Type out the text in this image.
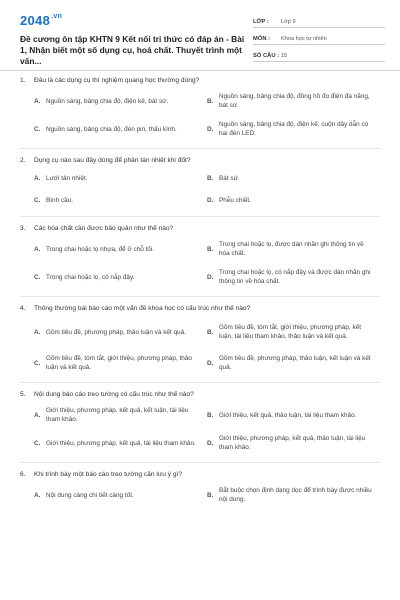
$2048^{.vn}$
Đề cương ôn tập KHTN 9 Kết nối tri thức có đáp án - Bài 1, Nhận biết một số dụng cụ, hoá chất. Thuyết trình một vấn...
LỚP :	Lớp 9
MÔN :	Khoa học tự nhiên
SỐ CÂU : 15
1.	Đâu là các dụng cụ thí nghiệm quang học thường dùng?
A. Nguồn sáng, bảng chia độ, điện kế, bát sứ.	B.
Nguồn sáng, bảng chia độ, đồng hồ đo điện đa năng, bát sứ.
C. Nguồn sáng, bảng chia độ, đèn pin, thấu kính.	D.
Nguồn sáng, bảng chia độ, điện kế, cuộn dây dẫn có hai đèn LED.
2.	Dụng cụ nào sau đây dùng để phân tán nhiệt khi đốt?
A. Lưới tản nhiệt.	B. Bát sứ.
C. Bình cầu.	D. Phễu chiết.
3.	Các hóa chất cần được bảo quản như thế nào?
A. Trong chai hoặc lọ nhựa, để ở chỗ tối.	B.
Trong chai hoặc lọ, được dán nhãn ghi thông tin về hóa chất.
C. Trong chai hoặc lọ, có nắp đậy.	D.
Trong chai hoặc lọ, có nắp đậy và được dán nhãn ghi thông tin về hóa chất.
4.	Thông thường bài báo cáo một vấn đề khoa học có cấu trúc như thế nào?
A. Gồm tiêu đề, phương pháp, thảo luận và kết quả.	B.
Gồm tiêu đề, tóm tắt, giới thiệu, phương pháp, kết luận, tài liệu tham khảo, thảo luận và kết quả.
C.
Gồm tiêu đề, tóm tắt, giới thiệu, phương pháp, thảo luận và kết quả.
D.
Gồm tiêu đề, phương pháp, thảo luận, kết luận và kết quả.
5.	Nội dung báo cáo treo tường có cấu trúc như thế nào?
A.
Giới thiệu, phương pháp, kết quả, kết luận, tài liệu tham khảo.
B. Giới thiệu, kết quả, thảo luận, tài liệu tham khảo.
C. Giới thiệu, phương pháp, kết quả, tài liệu tham khảo.	D.
Giới thiệu, phương pháp, kết quả, thảo luận, tài liệu tham khảo.
6.	Khi trình bày một báo cáo treo tường cần lưu ý gì?
A. Nội dung càng chi tiết càng tốt.	B.
Bắt buộc chọn định dạng dọc để trình bày được nhiều nội dung.
